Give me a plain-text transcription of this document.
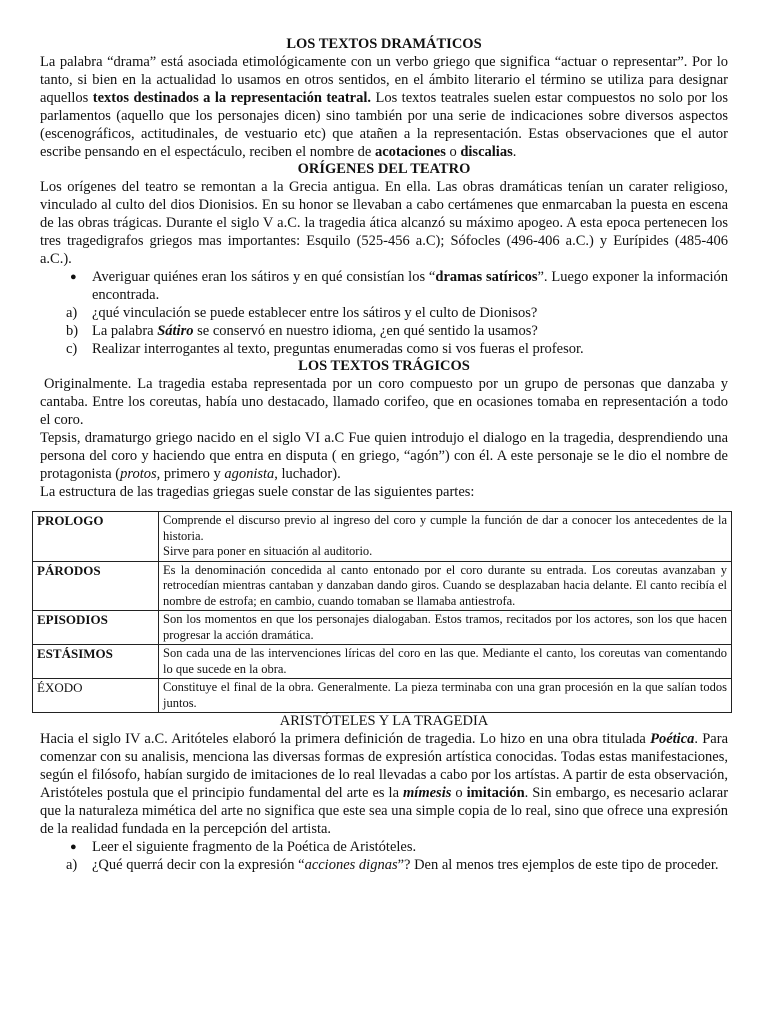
LOS TEXTOS DRAMÁTICOS

La palabra “drama” está asociada etimológicamente con un verbo griego que significa “actuar o representar”. Por lo tanto, si bien en la actualidad lo usamos en otros sentidos, en el ámbito literario el término se utiliza para designar aquellos textos destinados a la representación teatral. Los textos teatrales suelen estar compuestos no solo por los parlamentos (aquello que los personajes dicen) sino también por una serie de indicaciones sobre diversos aspectos (escenográficos, actitudinales, de vestuario etc) que atañen a la representación. Estas observaciones que el autor escribe pensando en el espectáculo, reciben el nombre de acotaciones o discalias.

ORÍGENES DEL TEATRO

Los orígenes del teatro se remontan a la Grecia antigua. En ella. Las obras dramáticas tenían un carater religioso, vinculado al culto del dios Dionisios. En su honor se llevaban a cabo certámenes que enmarcaban la puesta en escena de las obras trágicas. Durante el siglo V a.C. la tragedia ática alcanzó su máximo apogeo. A esta epoca pertenecen los tres tragedigrafos griegos mas importantes: Esquilo (525-456 a.C); Sófocles (496-406 a.C.) y Eurípides (485-406 a.C.).

● Averiguar quiénes eran los sátiros y en qué consistían los “dramas satíricos”. Luego exponer la información encontrada.
a) ¿qué vinculación se puede establecer entre los sátiros y el culto de Dionisos?
b) La palabra Sátiro se conservó en nuestro idioma, ¿en qué sentido la usamos?
c) Realizar interrogantes al texto, preguntas enumeradas como si vos fueras el profesor.

LOS TEXTOS TRÁGICOS

Originalmente. La tragedia estaba representada por un coro compuesto por un grupo de personas que danzaba y cantaba. Entre los coreutas, había uno destacado, llamado corifeo, que en ocasiones tomaba en representación a todo el coro.

Tepsis, dramaturgo griego nacido en el siglo VI a.C Fue quien introdujo el dialogo en la tragedia, desprendiendo una persona del coro y haciendo que entra en disputa ( en griego, “agón”) con él. A este personaje se le dio el nombre de protagonista (protos, primero y agonista, luchador).

La estructura de las tragedias griegas suele constar de las siguientes partes:

PROLOGO	Comprende el discurso previo al ingreso del coro y cumple la función de dar a conocer los antecedentes de la historia.
Sirve para poner en situación al auditorio.

PÁRODOS	Es la denominación concedida al canto entonado por el coro durante su entrada. Los coreutas avanzaban y retrocedían mientras cantaban y danzaban dando giros. Cuando se desplazaban hacia delante. El canto recibía el nombre de estrofa; en cambio, cuando tomaban se llamaba antiestrofa.
EPISODIOS	Son los momentos en que los personajes dialogaban. Estos tramos, recitados por los actores, son los que hacen progresar la acción dramática.
ESTÁSIMOS	Son cada una de las intervenciones líricas del coro en las que. Mediante el canto, los coreutas van comentando lo que sucede en la obra.
ÉXODO	Constituye el final de la obra. Generalmente. La pieza terminaba con una gran procesión en la que salían todos juntos.

ARISTÓTELES Y LA TRAGEDIA

Hacia el siglo IV a.C. Aritóteles elaboró la primera definición de tragedia. Lo hizo en una obra titulada Poética. Para comenzar con su analisis, menciona las diversas formas de expresión artística conocidas. Todas estas manifestaciones, según el filósofo, habían surgido de imitaciones de lo real llevadas a cabo por los artístas. A partir de esta observación, Aristóteles postula que el principio fundamental del arte es la mímesis o imitación. Sin embargo, es necesario aclarar que la naturaleza mimética del arte no significa que este sea una simple copia de lo real, sino que ofrece una expresión de la realidad fundada en la percepción del artista.

● Leer el siguiente fragmento de la Poética de Aristóteles.
a) ¿Qué querrá decir con la expresión “acciones dignas”? Den al menos tres ejemplos de este tipo de proceder.
